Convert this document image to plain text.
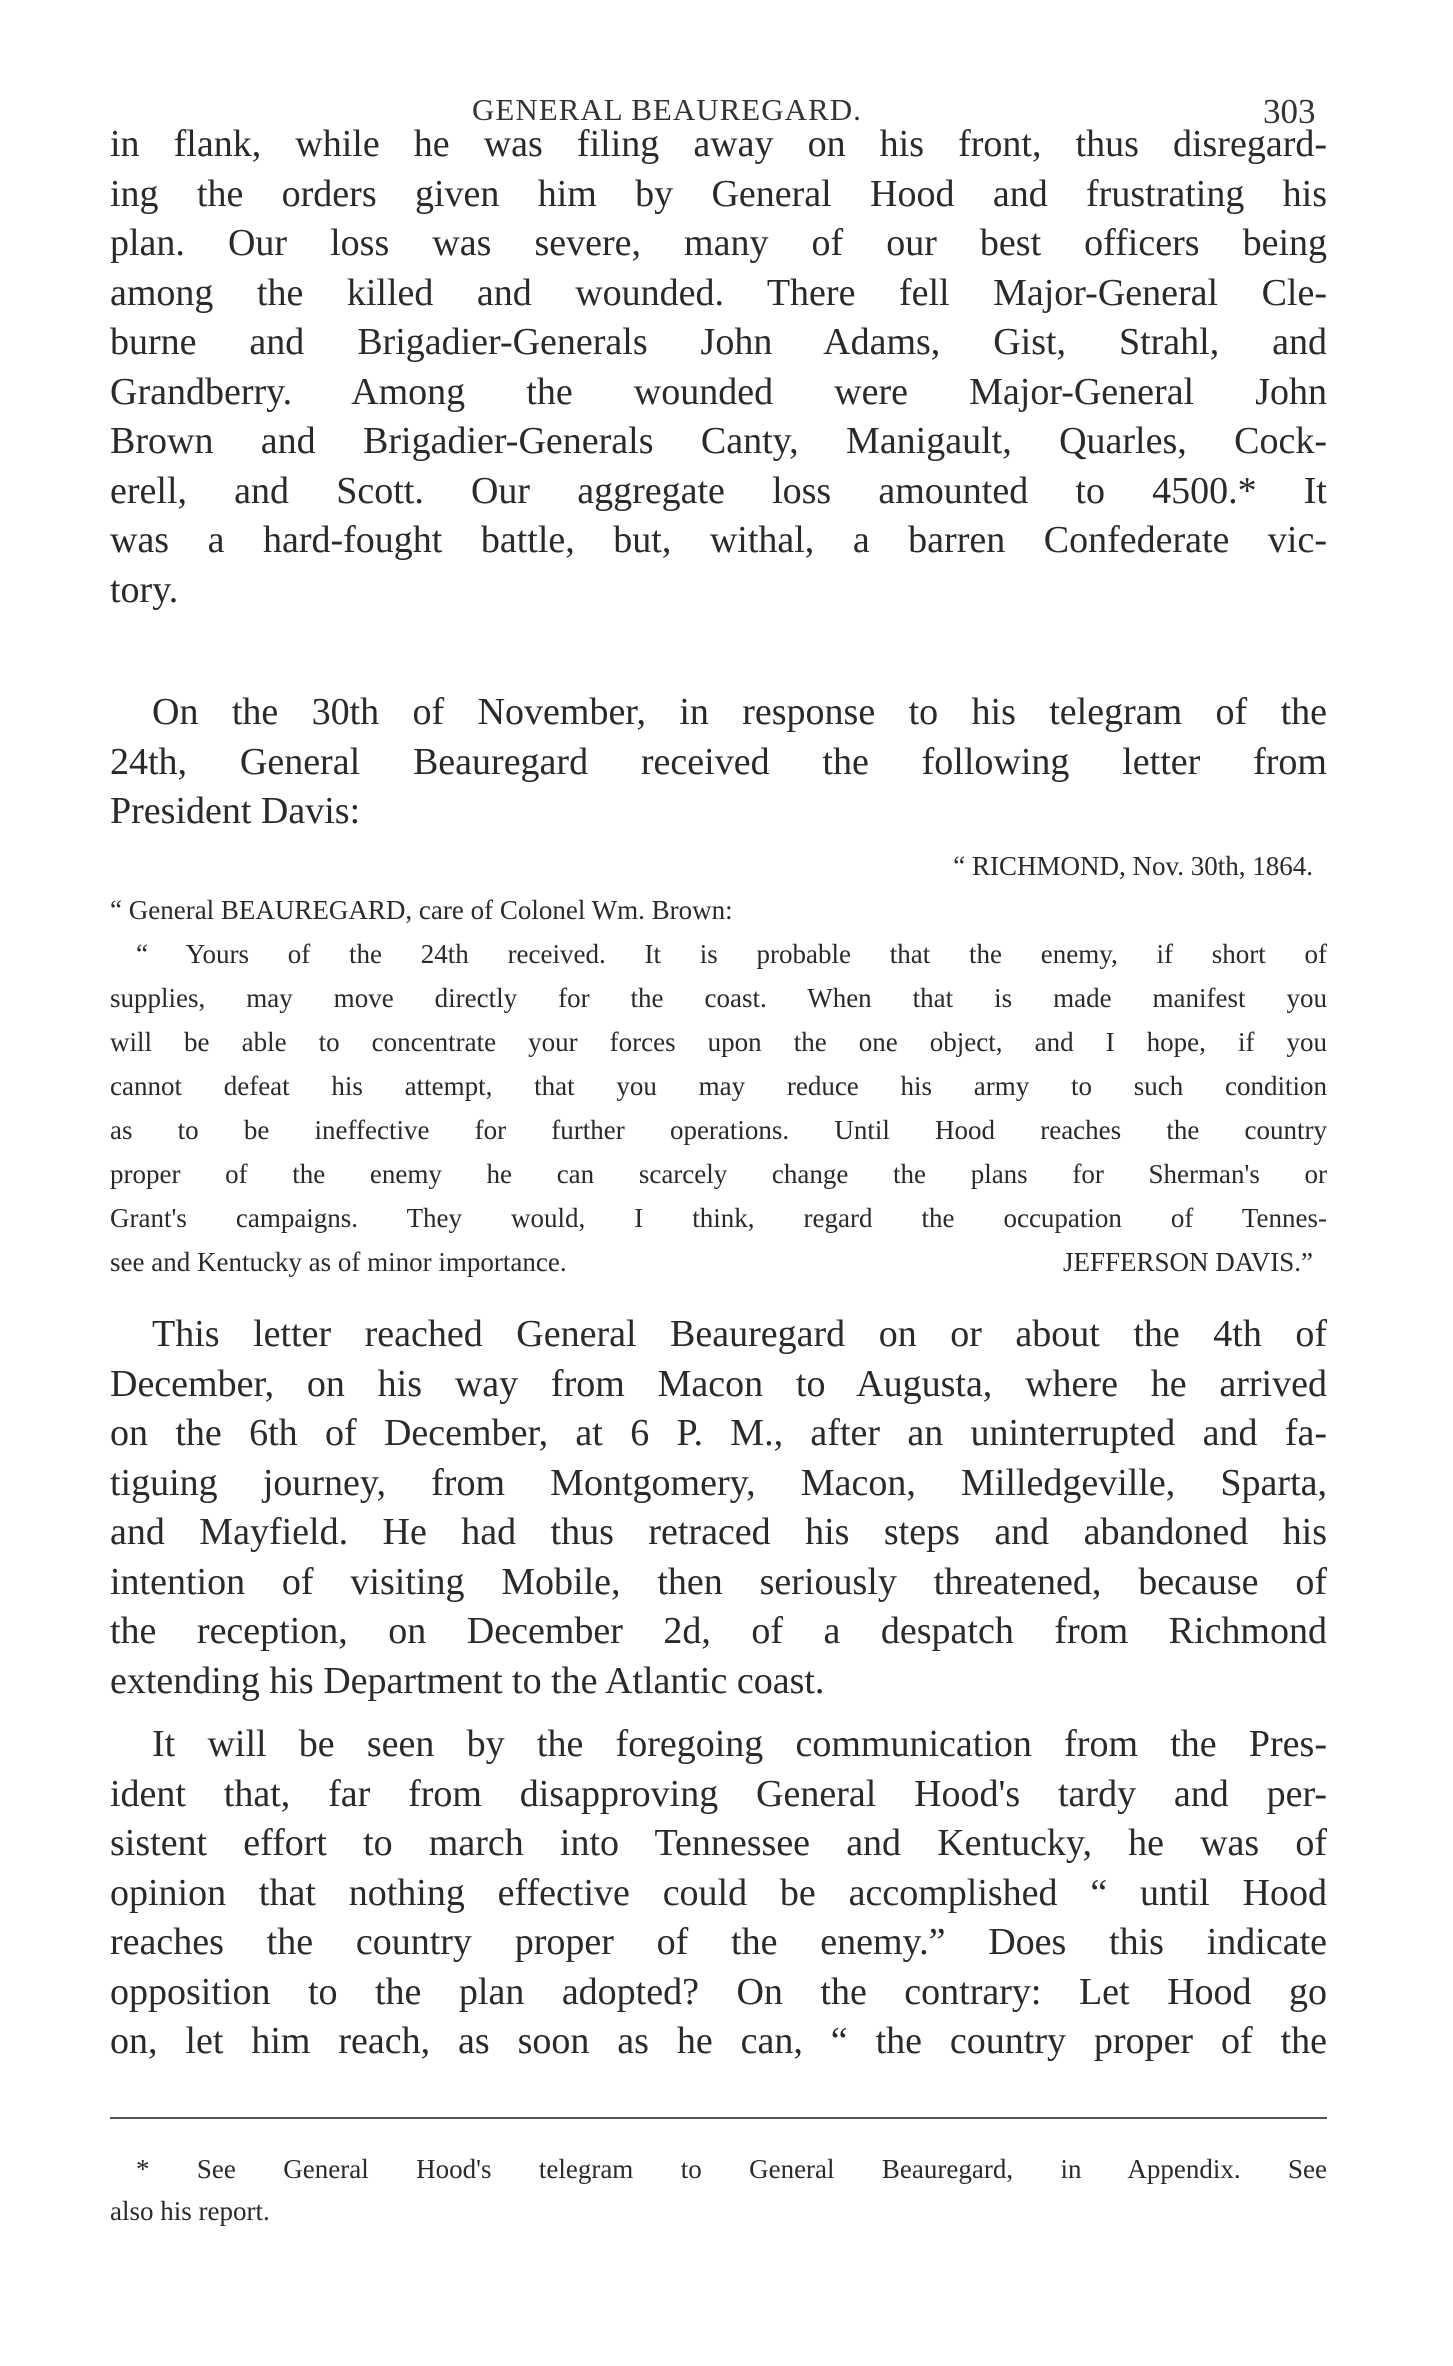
GENERAL BEAUREGARD.	303
in flank, while he was filing away on his front, thus disregard-
ing the orders given him by General Hood and frustrating his
plan. Our loss was severe, many of our best officers being
among the killed and wounded. There fell Major-General Cle-
burne and Brigadier-Generals John Adams, Gist, Strahl, and
Grandberry. Among the wounded were Major-General John
Brown and Brigadier-Generals Canty, Manigault, Quarles, Cock-
erell, and Scott. Our aggregate loss amounted to 4500.* It
was a hard-fought battle, but, withal, a barren Confederate vic-
tory.
On the 30th of November, in response to his telegram of the
24th, General Beauregard received the following letter from
President Davis:
“ RICHMOND, Nov. 30th, 1864.
“ General BEAUREGARD, care of Colonel Wm. Brown:
“ Yours of the 24th received. It is probable that the enemy, if short of
supplies, may move directly for the coast. When that is made manifest you
will be able to concentrate your forces upon the one object, and I hope, if you
cannot defeat his attempt, that you may reduce his army to such condition
as to be ineffective for further operations. Until Hood reaches the country
proper of the enemy he can scarcely change the plans for Sherman's or
Grant's campaigns. They would, I think, regard the occupation of Tennes-
see and Kentucky as of minor importance.	JEFFERSON DAVIS.”
This letter reached General Beauregard on or about the 4th of
December, on his way from Macon to Augusta, where he arrived
on the 6th of December, at 6 P. M., after an uninterrupted and fa-
tiguing journey, from Montgomery, Macon, Milledgeville, Sparta,
and Mayfield. He had thus retraced his steps and abandoned his
intention of visiting Mobile, then seriously threatened, because of
the reception, on December 2d, of a despatch from Richmond
extending his Department to the Atlantic coast.
It will be seen by the foregoing communication from the Pres-
ident that, far from disapproving General Hood's tardy and per-
sistent effort to march into Tennessee and Kentucky, he was of
opinion that nothing effective could be accomplished “ until Hood
reaches the country proper of the enemy.” Does this indicate
opposition to the plan adopted? On the contrary: Let Hood go
on, let him reach, as soon as he can, “ the country proper of the
* See General Hood's telegram to General Beauregard, in Appendix. See
also his report.
